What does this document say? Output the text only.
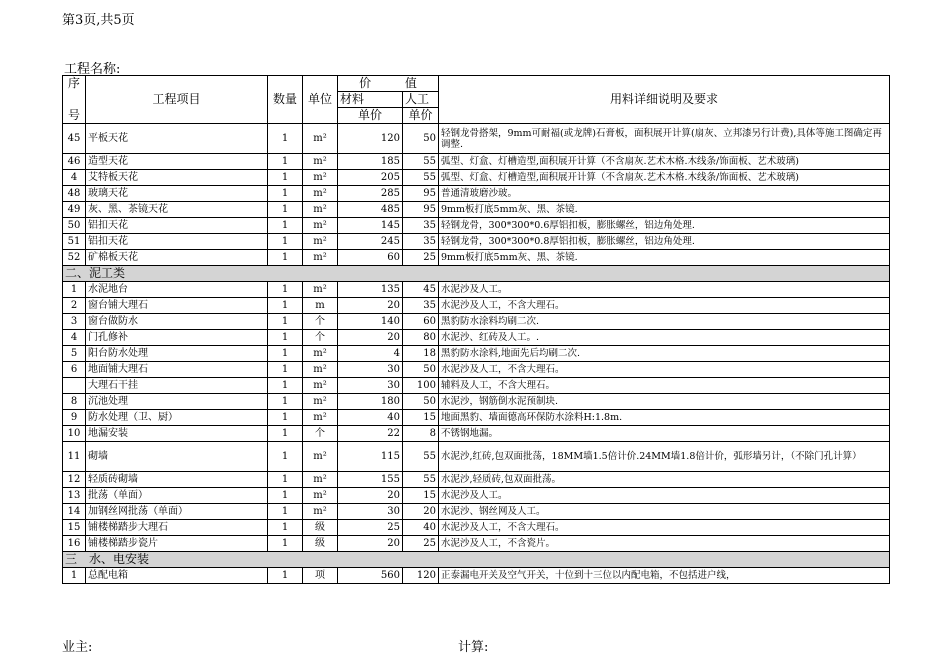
第3页,共5页
工程名称:
序	工程项目	数量	单位	价 值		用料详细说明及要求
				材料	人工	
号				单价	单价	
45	平板天花	1	m²	120	50	轻钢龙骨搭架，9mm可耐福(或龙牌)石膏板，面积展开计算(扇灰、立邦漆另行计费),具体等施工图确定再调整.
46	造型天花	1	m²	185	55	弧型、灯盒、灯槽造型,面积展开计算（不含扇灰.艺术木格.木线条/饰面板、艺术玻璃)
4	艾特板天花	1	m²	205	55	弧型、灯盒、灯槽造型,面积展开计算（不含扇灰.艺术木格.木线条/饰面板、艺术玻璃)
48	玻璃天花	1	m²	285	95	普通清玻磨沙玻。
49	灰、黑、茶镜天花	1	m²	485	95	9mm板打底5mm灰、黑、茶镜.
50	铝扣天花	1	m²	145	35	轻钢龙骨，300*300*0.6厚铝扣板，膨胀螺丝，铝边角处理.
51	铝扣天花	1	m²	245	35	轻钢龙骨，300*300*0.8厚铝扣板，膨胀螺丝，铝边角处理.
52	矿棉板天花	1	m²	60	25	9mm板打底5mm灰、黑、茶镜.
二、泥工类						
1	水泥地台	1	m²	135	45	水泥沙及人工。
2	窗台铺大理石	1	m	20	35	水泥沙及人工，不含大理石。
3	窗台做防水	1	个	140	60	黑豹防水涂料均刷二次.
4	门孔修补	1	个	20	80	水泥沙、红砖及人工。.
5	阳台防水处理	1	m²	4	18	黑豹防水涂料,地面先后均刷二次.
6	地面铺大理石	1	m²	30	50	水泥沙及人工，不含大理石。
	大理石干挂	1	m²	30	100	辅料及人工，不含大理石。
8	沉池处理	1	m²	180	50	水泥沙，钢筋倒水泥预制块.
9	防水处理（卫、厨）	1	m²	40	15	地面黑豹、墙面德高环保防水涂料H:1.8m.
10	地漏安装	1	个	22	8	不锈钢地漏。
11	砌墙	1	m²	115	55	水泥沙,红砖,包双面批荡，18MM墙1.5倍计价.24MM墙1.8倍计价，弧形墙另计，（不除门孔计算）
12	轻质砖砌墙	1	m²	155	55	水泥沙,轻质砖,包双面批荡。
13	批荡（单面）	1	m²	20	15	水泥沙及人工。
14	加钢丝网批荡（单面）	1	m²	30	20	水泥沙、钢丝网及人工。
15	铺楼梯踏步大理石	1	级	25	40	水泥沙及人工，不含大理石。
16	铺楼梯踏步瓷片	1	级	20	25	水泥沙及人工，不含瓷片。
三　水、电安装						
1	总配电箱	1	项	560	120	正泰漏电开关及空气开关，十位到十三位以内配电箱，不包括进户线，
业主:	计算:
